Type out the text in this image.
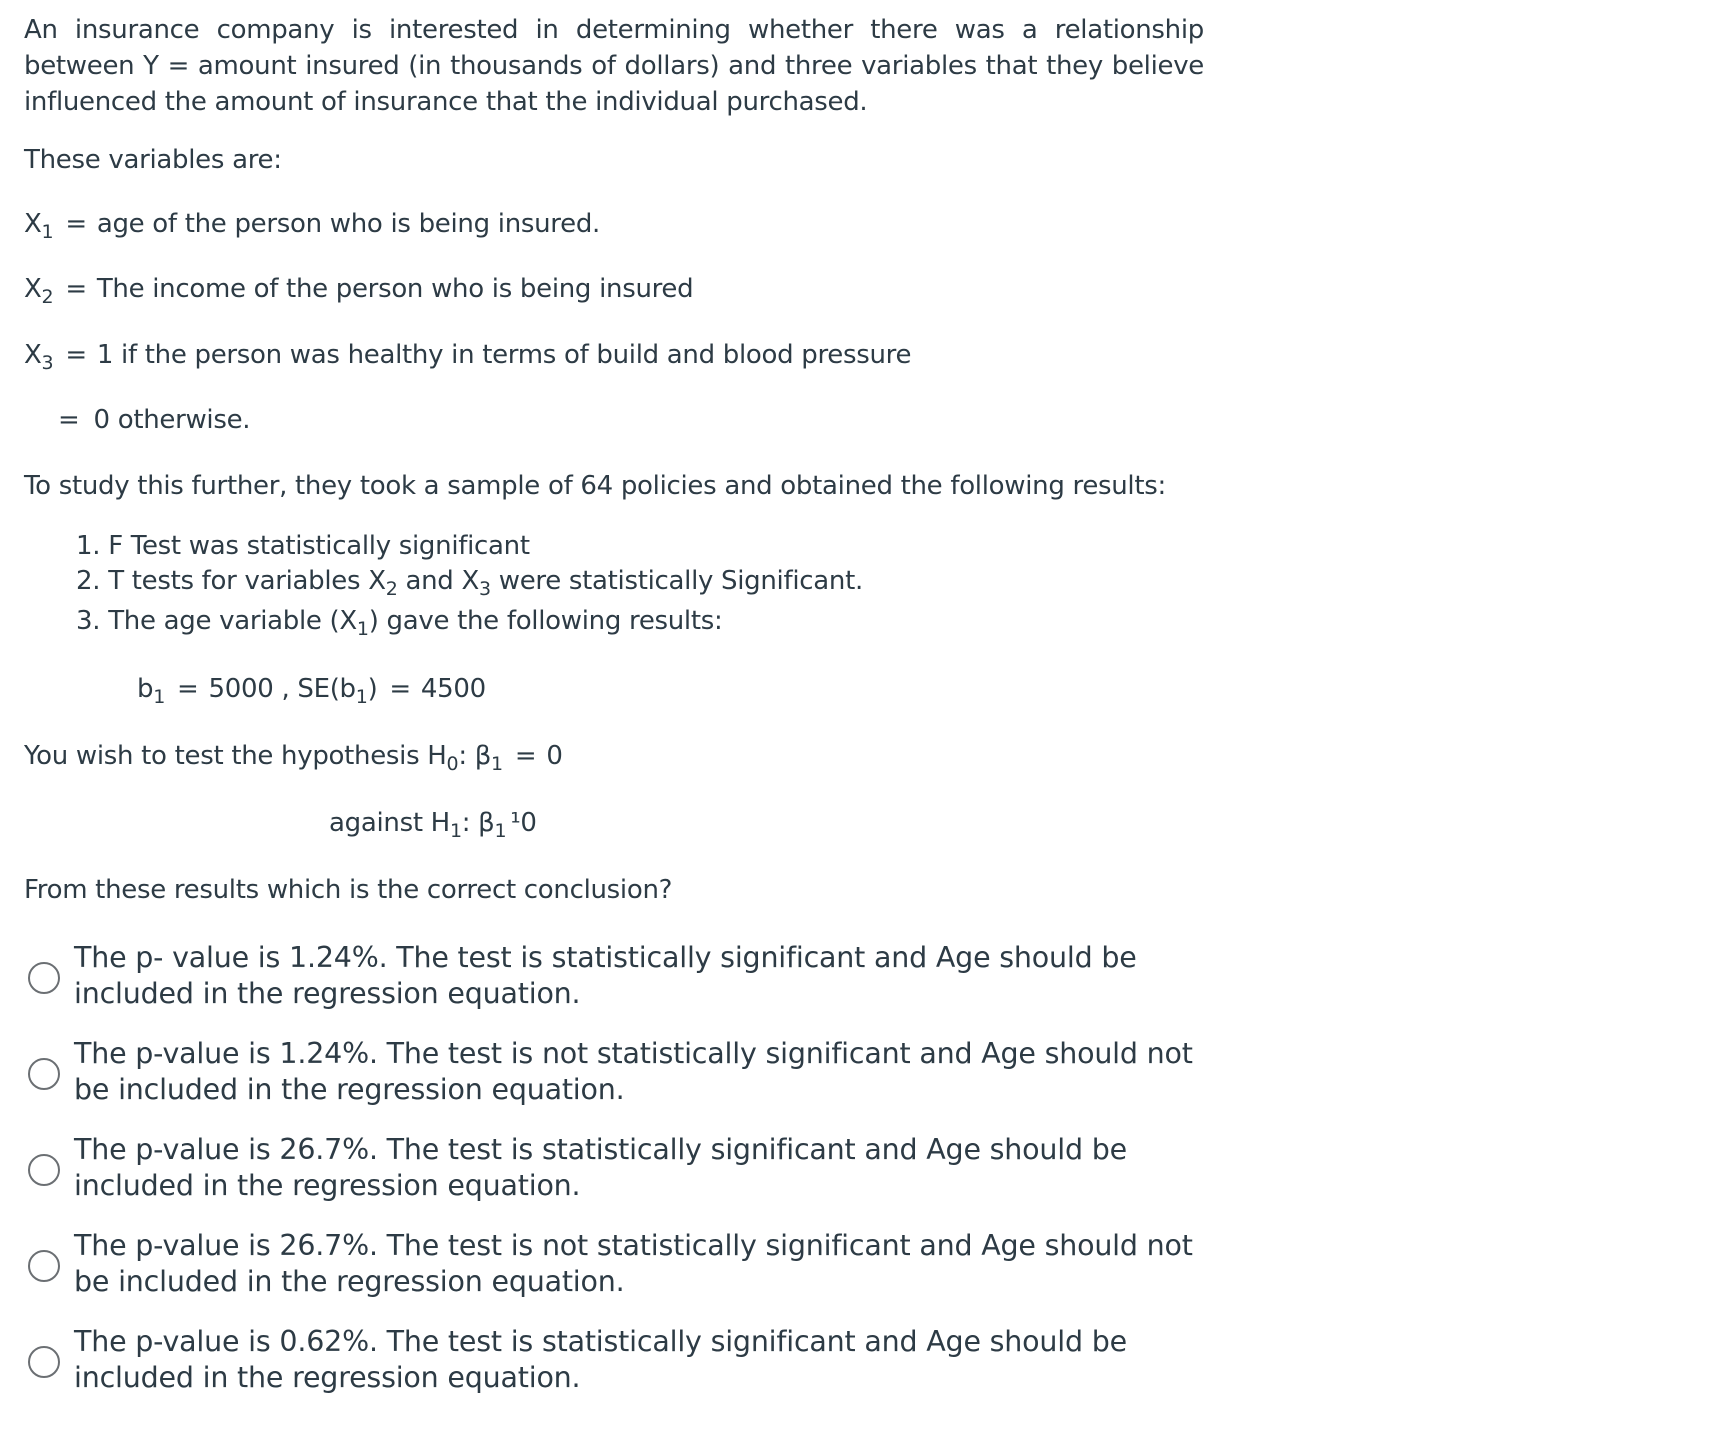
An insurance company is interested in determining whether there was a relationship between Y = amount insured (in thousands of dollars) and three variables that they believe influenced the amount of insurance that the individual purchased.

These variables are:

$X_1$ = age of the person who is being insured.

$X_2$ = The income of the person who is being insured

$X_3 = 1$ if the person was healthy in terms of build and blood pressure

= 0 otherwise.

To study this further, they took a sample of 64 policies and obtained the following results:

1. F Test was statistically significant
2. T tests for variables $X_2$ and $X_3$ were statistically Significant.
3. The age variable $(X_1)$ gave the following results:

$b_1 = 5000$ , $SE(b_1) = 4500$

You wish to test the hypothesis $H_0$: $\beta_1 = 0$

against $H_1$: $\beta_1$ ¹0

From these results which is the correct conclusion?

The p- value is 1.24%. The test is statistically significant and Age should be included in the regression equation.
The p-value is 1.24%. The test is not statistically significant and Age should not be included in the regression equation.
The p-value is 26.7%. The test is statistically significant and Age should be included in the regression equation.
The p-value is 26.7%. The test is not statistically significant and Age should not be included in the regression equation.
The p-value is 0.62%. The test is statistically significant and Age should be included in the regression equation.
